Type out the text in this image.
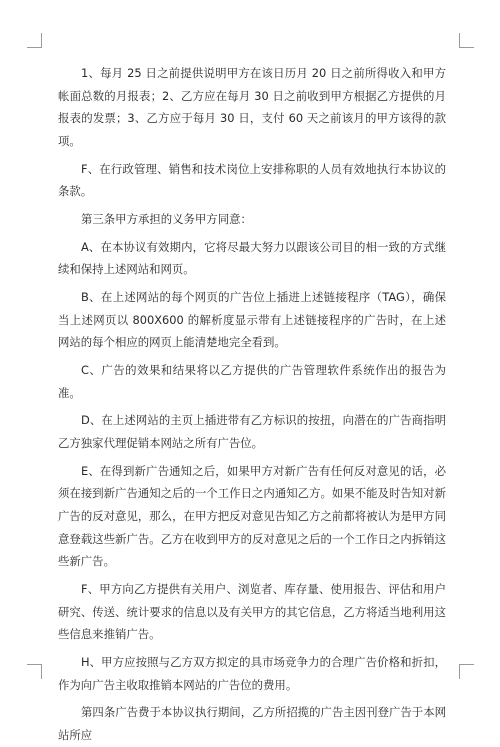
1、每月 25 日之前提供说明甲方在该日历月 20 日之前所得收入和甲方帐面总数的月报表；2、乙方应在每月 30 日之前收到甲方根据乙方提供的月报表的发票；3、乙方应于每月 30 日，支付 60 天之前该月的甲方该得的款项。

F、在行政管理、销售和技术岗位上安排称职的人员有效地执行本协议的条款。

第三条甲方承担的义务甲方同意：

A、在本协议有效期内，它将尽最大努力以跟该公司目的相一致的方式继续和保持上述网站和网页。

B、在上述网站的每个网页的广告位上插进上述链接程序（TAG），确保当上述网页以 800X600 的解析度显示带有上述链接程序的广告时，在上述网站的每个相应的网页上能清楚地完全看到。

C、广告的效果和结果将以乙方提供的广告管理软件系统作出的报告为准。

D、在上述网站的主页上插进带有乙方标识的按扭，向潜在的广告商指明乙方独家代理促销本网站之所有广告位。

E、在得到新广告通知之后，如果甲方对新广告有任何反对意见的话，必须在接到新广告通知之后的一个工作日之内通知乙方。如果不能及时告知对新广告的反对意见，那么，在甲方把反对意见告知乙方之前都将被认为是甲方同意登载这些新广告。乙方在收到甲方的反对意见之后的一个工作日之内拆销这些新广告。

F、甲方向乙方提供有关用户、浏览者、库存量、使用报告、评估和用户研究、传送、统计要求的信息以及有关甲方的其它信息，乙方将适当地利用这些信息来推销广告。

H、甲方应按照与乙方双方拟定的具市场竞争力的合理广告价格和折扣，作为向广告主收取推销本网站的广告位的费用。

第四条广告费于本协议执行期间，乙方所招揽的广告主因刊登广告于本网站所应
